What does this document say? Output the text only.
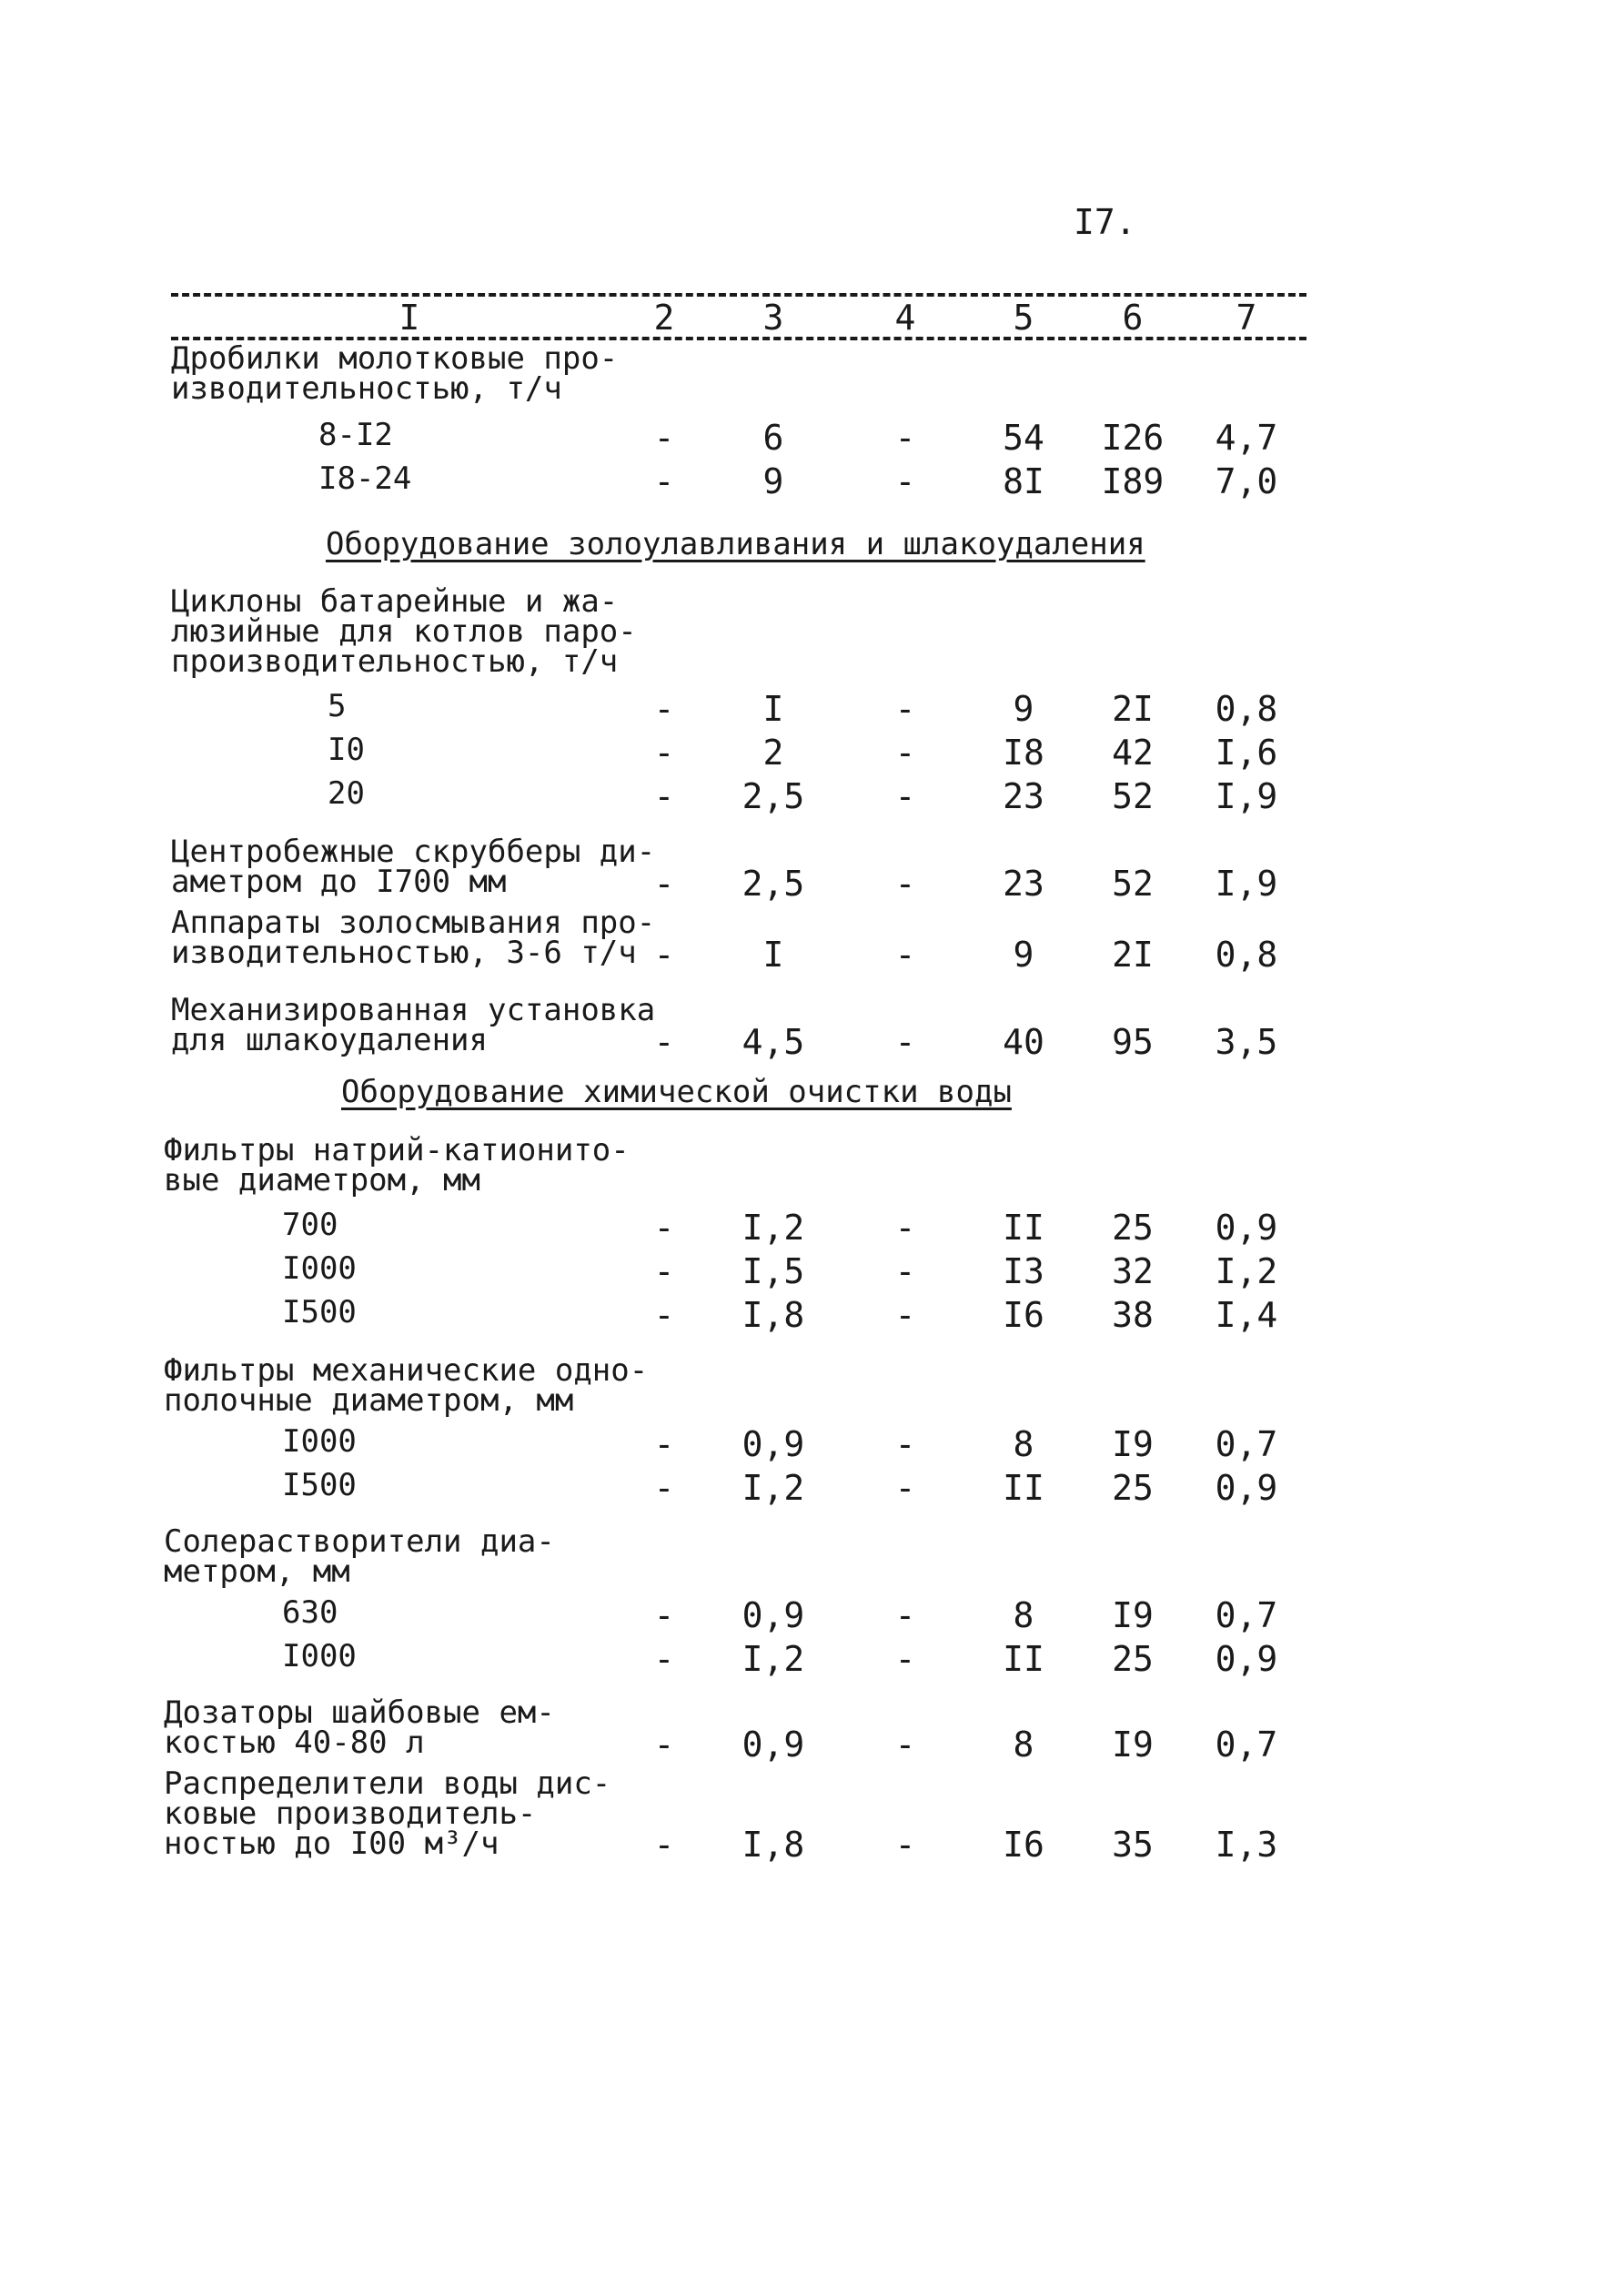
I7.
I	2	3	4	5	6	7
Дробилки молотковые про-
изводительностью, т/ч
8-I2	-	6	-	54	I26	4,7
I8-24	-	9	-	8I	I89	7,0
Оборудование золоулавливания и шлакоудаления
Циклоны батарейные и жа-
люзийные для котлов паро-
производительностью, т/ч
5	-	I	-	9	2I	0,8
I0	-	2	-	I8	42	I,6
20	-	2,5	-	23	52	I,9
Центробежные скрубберы ди-
аметром до I700 мм	-	2,5	-	23	52	I,9
Аппараты золосмывания про-
изводительностью, 3-6 т/ч -	I	-	9	2I	0,8
Механизированная установка
для шлакоудаления	-	4,5	-	40	95	3,5
Оборудование химической очистки воды
Фильтры натрий-катионито-
вые диаметром, мм
700	-	I,2	-	II	25	0,9
I000	-	I,5	-	I3	32	I,2
I500	-	I,8	-	I6	38	I,4
Фильтры механические одно-
полочные диаметром, мм
I000	-	0,9	-	8	I9	0,7
I500	-	I,2	-	II	25	0,9
Солерастворители диа-
метром, мм
630	-	0,9	-	8	I9	0,7
I000	-	I,2	-	II	25	0,9
Дозаторы шайбовые ем-
костью 40-80 л	-	0,9	-	8	I9	0,7
Распределители воды дис-
ковые производитель-
ностью до I00 м³/ч	-	I,8	-	I6	35	I,3
